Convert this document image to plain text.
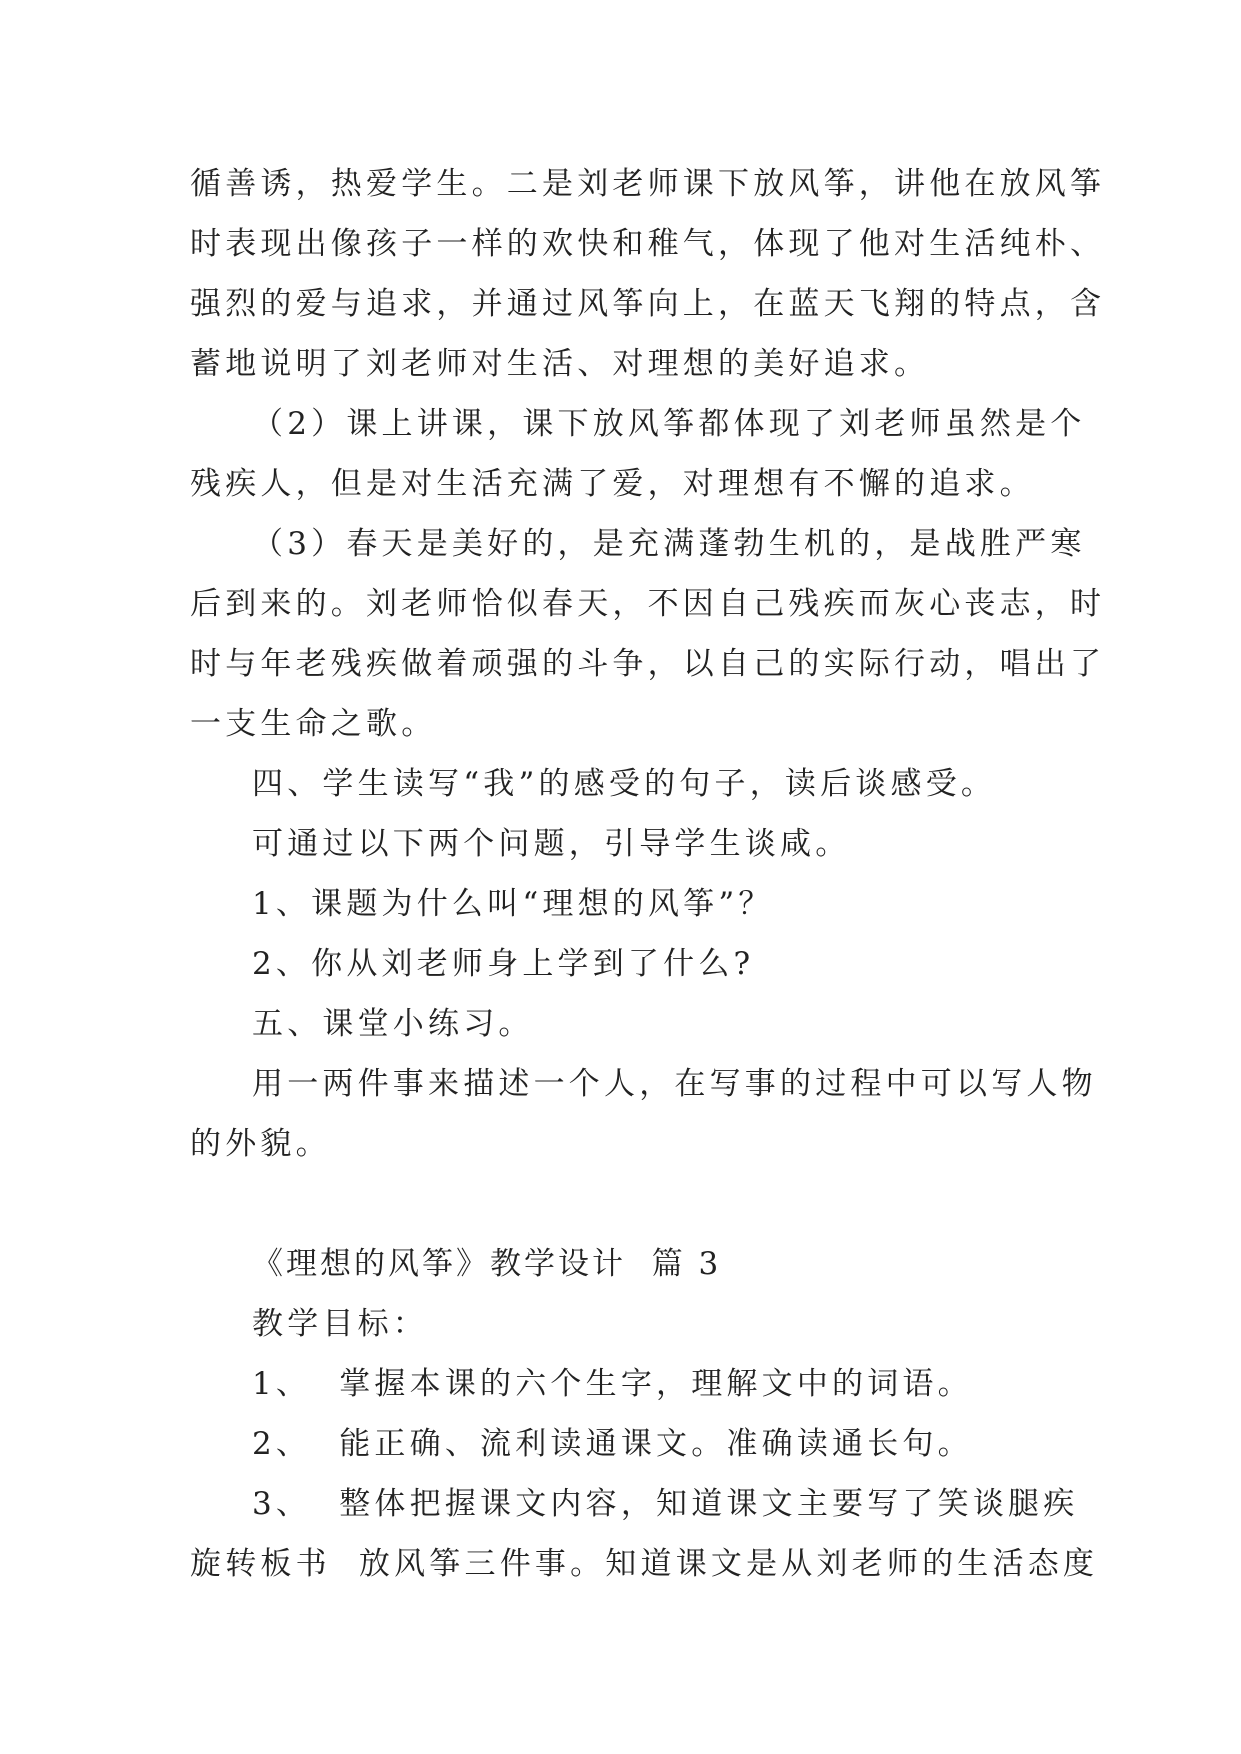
循善诱，热爱学生。二是刘老师课下放风筝，讲他在放风筝
时表现出像孩子一样的欢快和稚气，体现了他对生活纯朴、
强烈的爱与追求，并通过风筝向上，在蓝天飞翔的特点，含
蓄地说明了刘老师对生活、对理想的美好追求。
（2）课上讲课，课下放风筝都体现了刘老师虽然是个
残疾人，但是对生活充满了爱，对理想有不懈的追求。
（3）春天是美好的，是充满蓬勃生机的，是战胜严寒
后到来的。刘老师恰似春天，不因自己残疾而灰心丧志，时
时与年老残疾做着顽强的斗争，以自己的实际行动，唱出了
一支生命之歌。
四、学生读写“我”的感受的句子，读后谈感受。
可通过以下两个问题，引导学生谈咸。
1、课题为什么叫“理想的风筝”？
2、你从刘老师身上学到了什么?
五、课堂小练习。
用一两件事来描述一个人，在写事的过程中可以写人物
的外貌。
《理想的风筝》教学设计  篇 3
教学目标：
1、  掌握本课的六个生字，理解文中的词语。
2、  能正确、流利读通课文。准确读通长句。
3、  整体把握课文内容，知道课文主要写了笑谈腿疾
旋转板书  放风筝三件事。知道课文是从刘老师的生活态度
